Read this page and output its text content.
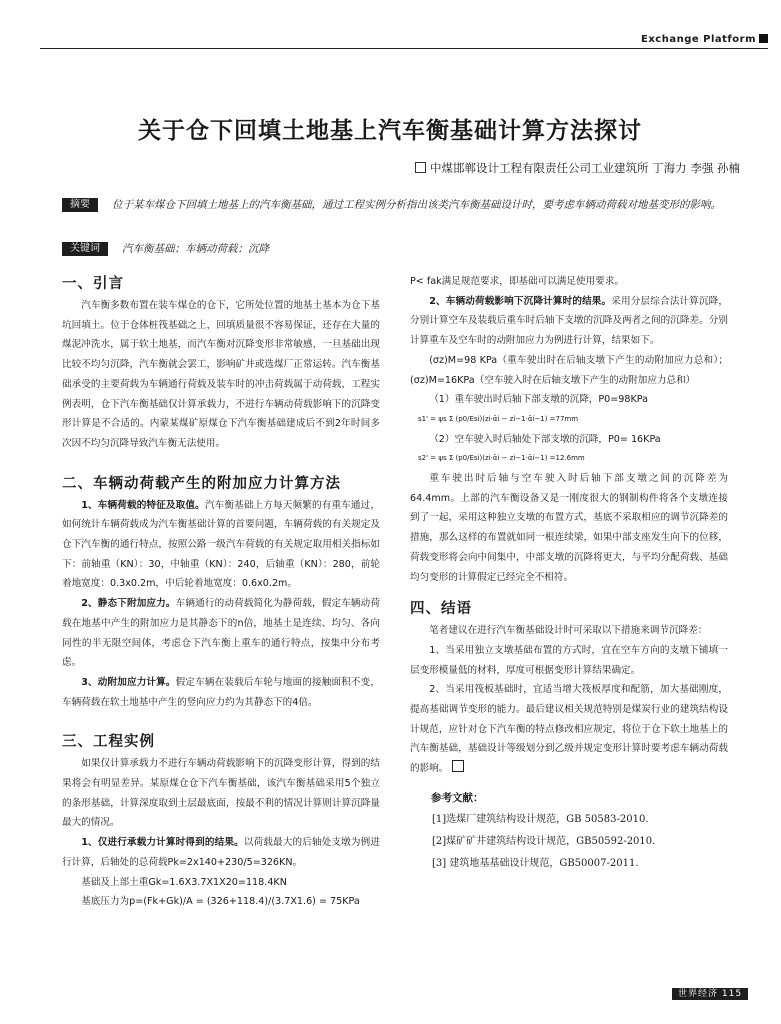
Exchange Platform
关于仓下回填土地基上汽车衡基础计算方法探讨
中煤邯郸设计工程有限责任公司工业建筑所 丁海力 李强 孙楠
摘要 位于某车煤仓下回填土地基上的汽车衡基础，通过工程实例分析指出该类汽车衡基础设计时，要考虑车辆动荷载对地基变形的影响。
关键词 汽车衡基础；车辆动荷载；沉降
一、引言

汽车衡多数布置在装车煤仓的仓下，它所处位置的地基土基本为仓下基坑回填土。位于仓体桩筏基础之上，回填质量很不容易保证，还存在大量的煤泥冲洗水，属于软土地基，而汽车衡对沉降变形非常敏感，一旦基础出现比较不均匀沉降，汽车衡就会罢工，影响矿井或选煤厂正常运转。汽车衡基础承受的主要荷载为车辆通行荷载及装车时的冲击荷载属于动荷载，工程实例表明，仓下汽车衡基础仅计算承载力，不进行车辆动荷载影响下的沉降变形计算是不合适的。内蒙某煤矿原煤仓下汽车衡基础建成后不到2年时间多次因不均匀沉降导致汽车衡无法使用。

二、车辆动荷载产生的附加应力计算方法

1、车辆荷载的特征及取值。汽车衡基础上方每天频繁的有重车通过，如何统计车辆荷载成为汽车衡基础计算的首要问题，车辆荷载的有关规定及仓下汽车衡的通行特点，按照公路一级汽车荷载的有关规定取用相关指标如下：前轴重（KN）：30，中轴重（KN）：240，后轴重（KN）：280，前轮着地宽度：0.3x0.2m，中后轮着地宽度：0.6x0.2m。

2、静态下附加应力。车辆通行的动荷载简化为静荷载，假定车辆动荷载在地基中产生的附加应力是其静态下的n倍，地基土是连续、均匀、各向同性的半无限空间体，考虑仓下汽车衡上重车的通行特点，按集中分布考虑。

3、动附加应力计算。假定车辆在装载后车轮与地面的接触面积不变，车辆荷载在软土地基中产生的竖向应力约为其静态下的4倍。

三、工程实例

如果仅计算承载力不进行车辆动荷载影响下的沉降变形计算，得到的结果将会有明显差异。某原煤仓仓下汽车衡基础，该汽车衡基础采用5个独立的条形基础，计算深度取到土层最底面，按最不利的情况计算则计算沉降量最大的情况。

1、仅进行承载力计算时得到的结果。以荷载最大的后轴处支墩为例进行计算，后轴处的总荷载Pk=2x140+230/5=326KN。

基础及上部土重Gk=1.6X3.7X1X20=118.4KN

基底压力为p=(Fk+Gk)/A = (326+118.4)/(3.7X1.6) = 75KPa

P< fak满足规范要求，即基础可以满足使用要求。

2、车辆动荷载影响下沉降计算时的结果。采用分层综合法计算沉降，分别计算空车及装载后重车时后轴下支墩的沉降及两者之间的沉降差。分别计算重车及空车时的动附加应力为例进行计算，结果如下。

(σz)M=98 KPa（重车驶出时在后轴支墩下产生的动附加应力总和）；(σz)M=16KPa（空车驶入时在后轴支墩下产生的动附加应力总和）

（1）重车驶出时后轴下部支墩的沉降，P0=98KPa

s1' = ψs Σ (p0/Esi)(zi·ᾱi − zi−1·ᾱi−1) =77mm

（2）空车驶入时后轴处下部支墩的沉降，P0= 16KPa

s2' = ψs Σ (p0/Esi)(zi·ᾱi − zi−1·ᾱi−1) =12.6mm

重车驶出时后轴与空车驶入时后轴下部支墩之间的沉降差为64.4mm。上部的汽车衡设备又是一刚度很大的钢制构件将各个支墩连接到了一起，采用这种独立支墩的布置方式，基底不采取相应的调节沉降差的措施，那么这样的布置就如同一根连续梁，如果中部支座发生向下的位移，荷载变形将会向中间集中，中部支墩的沉降将更大，与平均分配荷载、基础均匀变形的计算假定已经完全不相符。

四、结语

笔者建议在进行汽车衡基础设计时可采取以下措施来调节沉降差：

1、当采用独立支墩基础布置的方式时，宜在空车方向的支墩下铺填一层变形模量低的材料，厚度可根据变形计算结果确定。

2、当采用筏板基础时，宜适当增大筏板厚度和配筋，加大基础刚度，提高基础调节变形的能力。最后建议相关规范特别是煤炭行业的建筑结构设计规范，应针对仓下汽车衡的特点修改相应规定，将位于仓下软土地基上的汽车衡基础，基础设计等级划分到乙级并规定变形计算时要考虑车辆动荷载的影响。

参考文献：

[1]选煤厂建筑结构设计规范，GB 50583-2010.
[2]煤矿矿井建筑结构设计规范，GB50592-2010.
[3] 建筑地基基础设计规范，GB50007-2011.
世界经济 115
